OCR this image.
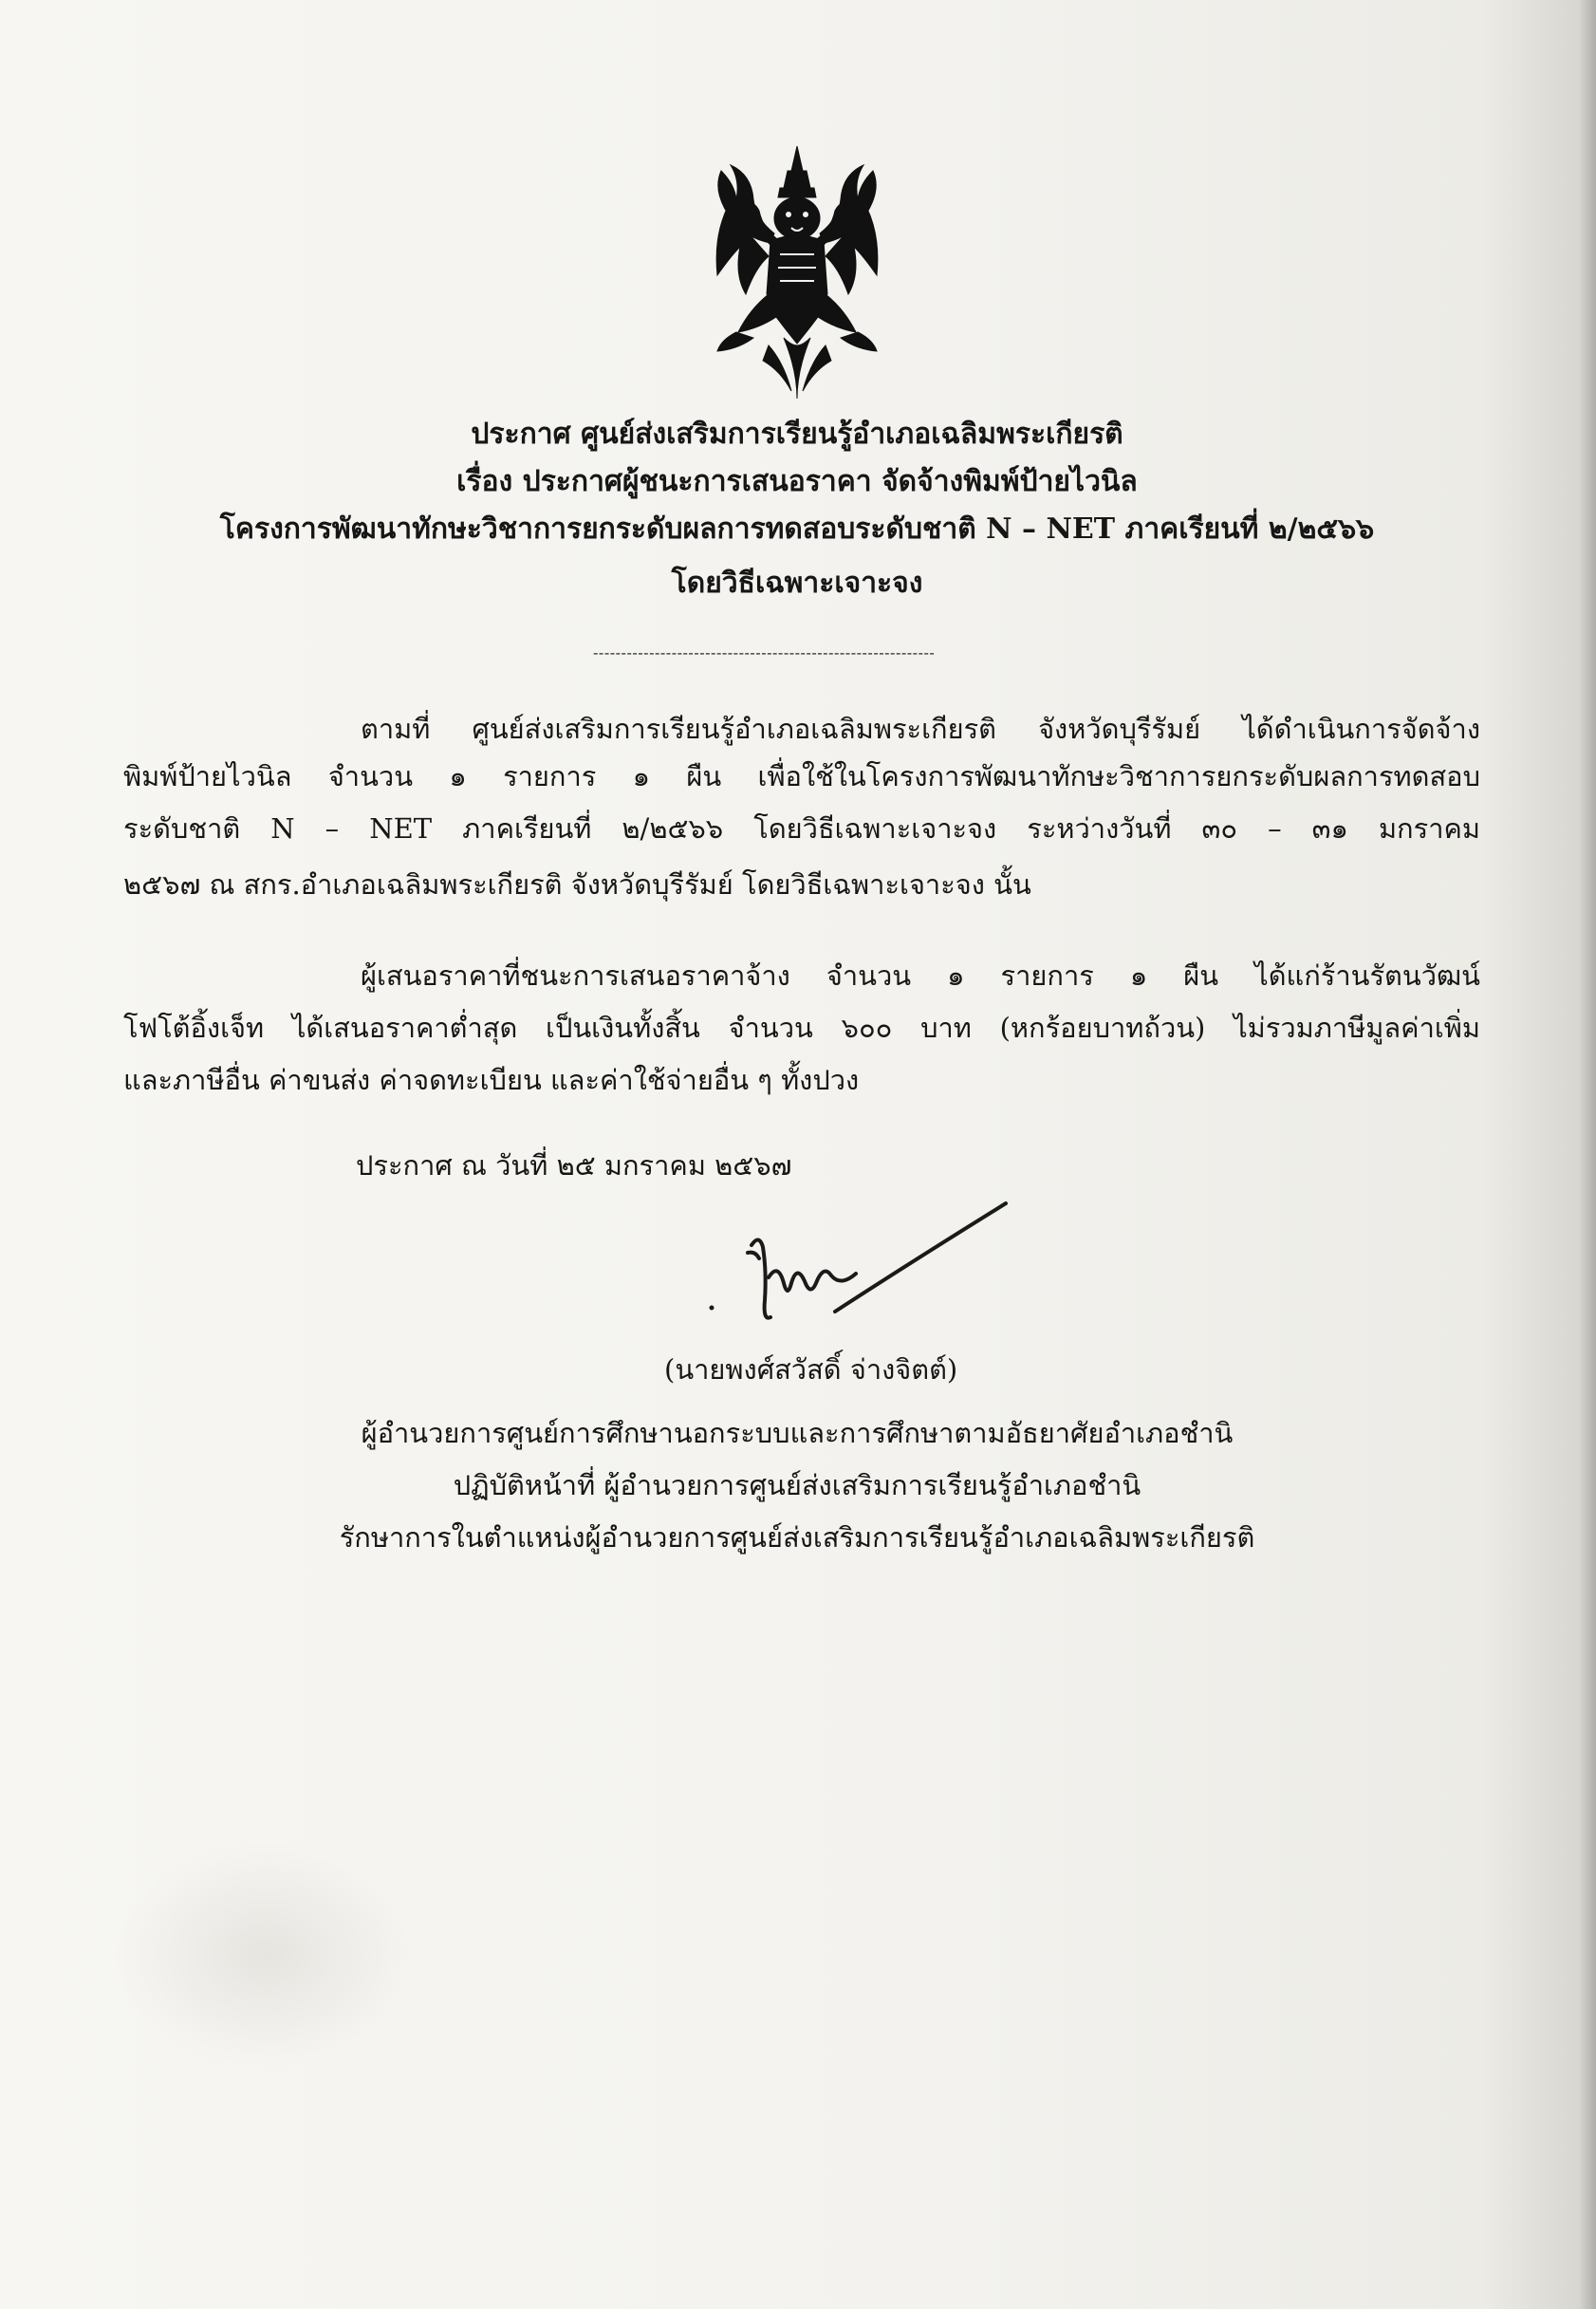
ประกาศ ศูนย์ส่งเสริมการเรียนรู้อำเภอเฉลิมพระเกียรติ
เรื่อง ประกาศผู้ชนะการเสนอราคา จัดจ้างพิมพ์ป้ายไวนิล
โครงการพัฒนาทักษะวิชาการยกระดับผลการทดสอบระดับชาติ N – NET ภาคเรียนที่ ๒/๒๕๖๖
โดยวิธีเฉพาะเจาะจง
-------------------------------------------------------------
ตามที่ ศูนย์ส่งเสริมการเรียนรู้อำเภอเฉลิมพระเกียรติ จังหวัดบุรีรัมย์ ได้ดำเนินการจัดจ้าง
พิมพ์ป้ายไวนิล จำนวน ๑ รายการ ๑ ผืน เพื่อใช้ในโครงการพัฒนาทักษะวิชาการยกระดับผลการทดสอบ
ระดับชาติ N – NET ภาคเรียนที่ ๒/๒๕๖๖ โดยวิธีเฉพาะเจาะจง ระหว่างวันที่ ๓๐ – ๓๑ มกราคม
๒๕๖๗ ณ สกร.อำเภอเฉลิมพระเกียรติ จังหวัดบุรีรัมย์ โดยวิธีเฉพาะเจาะจง นั้น
ผู้เสนอราคาที่ชนะการเสนอราคาจ้าง จำนวน ๑ รายการ ๑ ผืน ได้แก่ร้านรัตนวัฒน์
โฟโต้อิ้งเจ็ท ได้เสนอราคาต่ำสุด เป็นเงินทั้งสิ้น จำนวน ๖๐๐ บาท (หกร้อยบาทถ้วน) ไม่รวมภาษีมูลค่าเพิ่ม
และภาษีอื่น ค่าขนส่ง ค่าจดทะเบียน และค่าใช้จ่ายอื่น ๆ ทั้งปวง
ประกาศ ณ วันที่ ๒๕ มกราคม ๒๕๖๗
(นายพงศ์สวัสดิ์ จ่างจิตต์)
ผู้อำนวยการศูนย์การศึกษานอกระบบและการศึกษาตามอัธยาศัยอำเภอชำนิ
ปฏิบัติหน้าที่ ผู้อำนวยการศูนย์ส่งเสริมการเรียนรู้อำเภอชำนิ
รักษาการในตำแหน่งผู้อำนวยการศูนย์ส่งเสริมการเรียนรู้อำเภอเฉลิมพระเกียรติ
